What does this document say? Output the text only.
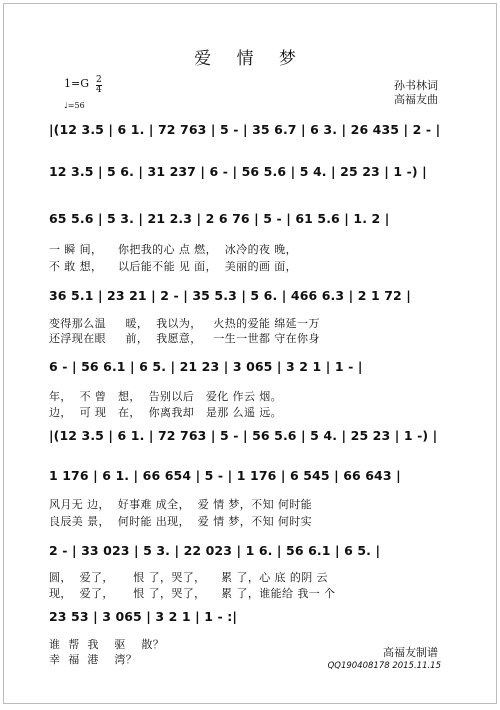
爱 情 梦
1=G 2
4
♩=56
孙书林词
高福友曲
|(12 3.5 | 6 1. | 72 763 | 5 - | 35 6.7 | 6 3. | 26 435 | 2 - |
12 3.5 | 5 6. | 31 237 | 6 - | 56 5.6 | 5 4. | 25 23 | 1 -) |
65 5.6 | 5 3. | 21 2.3 | 2 6 76 | 5 - | 61 5.6 | 1. 2 |
一 瞬 间，    你把我的心 点 燃，  冰冷的夜 晚，
不 敢 想，    以后能不能 见 面，  美丽的画 面，
36 5.1 | 23 21 | 2 - | 35 5.3 | 5 6. | 466 6.3 | 2 1 72 |
变得那么温     暖，  我以为，   火热的爱能 绵延一万
还浮现在眼     前，  我愿意，   一生一世都 守在你身
6 - | 56 6.1 | 6 5. | 21 23 | 3 065 | 3 2 1 | 1 - |
年，  不 曾   想，  告别以后   爱化 作云 烟。
边，  可 现   在，  你离我却   是那 么遥 远。
|(12 3.5 | 6 1. | 72 763 | 5 - | 56 5.6 | 5 4. | 25 23 | 1 -) |
1 176 | 6 1. | 66 654 | 5 - | 1 176 | 6 545 | 66 643 |
风月无 边，  好事难 成全，  爱 情 梦，不知 何时能
良辰美 景，  何时能 出现，  爱 情 梦，不知 何时实
2 - | 33 023 | 5 3. | 22 023 | 1 6. | 56 6.1 | 6 5. |
圆，  爱了，     恨 了，哭了，    累 了，心 底 的阴 云
现，  爱了，     恨 了，哭了，    累 了，谁能给 我一 个
23 53 | 3 065 | 3 2 1 | 1 - :|
谁  帮  我    驱    散？
幸  福  港    湾？
高福友制谱
QQ190408178 2015.11.15
